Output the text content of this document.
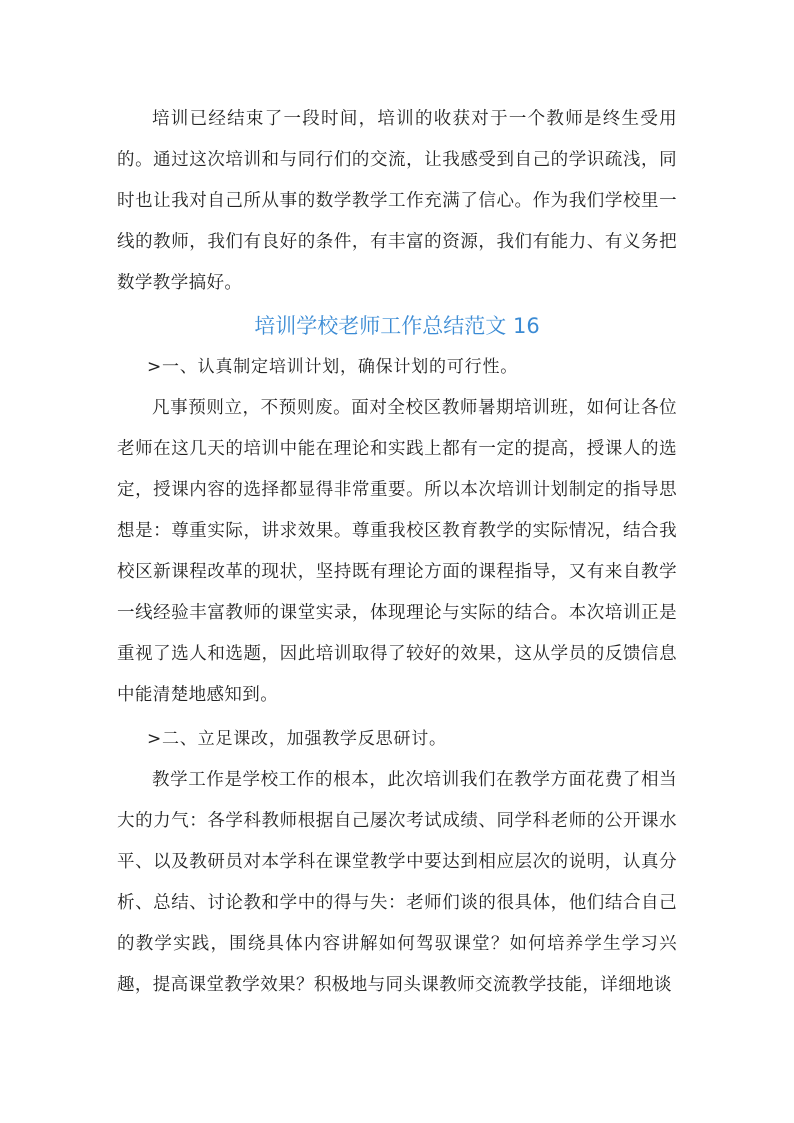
培训已经结束了一段时间，培训的收获对于一个教师是终生受用的。通过这次培训和与同行们的交流，让我感受到自己的学识疏浅，同时也让我对自己所从事的数学教学工作充满了信心。作为我们学校里一线的教师，我们有良好的条件，有丰富的资源，我们有能力、有义务把数学教学搞好。

培训学校老师工作总结范文 16

>一、认真制定培训计划，确保计划的可行性。

凡事预则立，不预则废。面对全校区教师暑期培训班，如何让各位老师在这几天的培训中能在理论和实践上都有一定的提高，授课人的选定，授课内容的选择都显得非常重要。所以本次培训计划制定的指导思想是：尊重实际，讲求效果。尊重我校区教育教学的实际情况，结合我校区新课程改革的现状，坚持既有理论方面的课程指导，又有来自教学一线经验丰富教师的课堂实录，体现理论与实际的结合。本次培训正是重视了选人和选题，因此培训取得了较好的效果，这从学员的反馈信息中能清楚地感知到。

>二、立足课改，加强教学反思研讨。

教学工作是学校工作的根本，此次培训我们在教学方面花费了相当大的力气：各学科教师根据自己屡次考试成绩、同学科老师的公开课水平、以及教研员对本学科在课堂教学中要达到相应层次的说明，认真分析、总结、讨论教和学中的得与失：老师们谈的很具体，他们结合自己的教学实践，围绕具体内容讲解如何驾驭课堂？如何培养学生学习兴趣，提高课堂教学效果？积极地与同头课教师交流教学技能，详细地谈
